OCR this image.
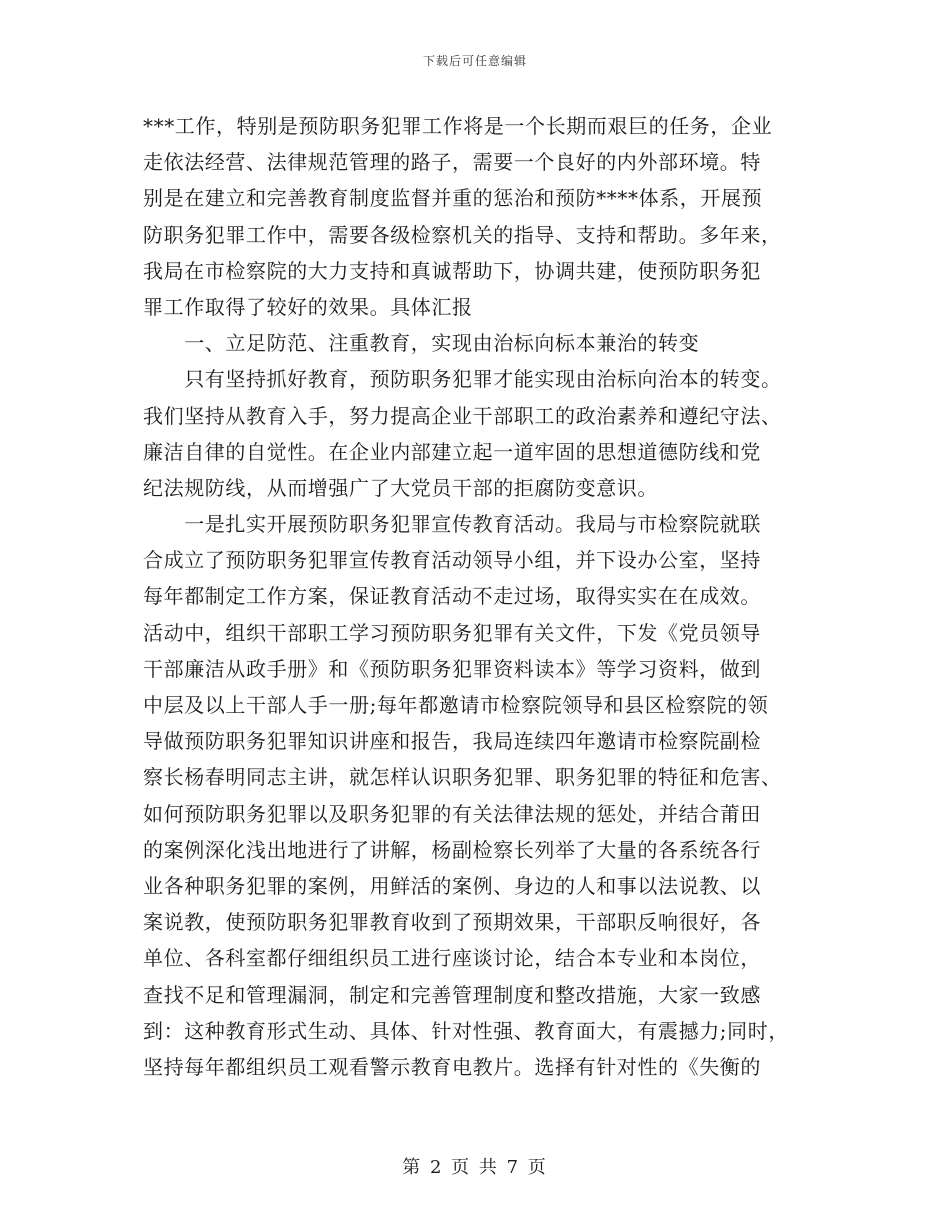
下载后可任意编辑
***工作，特别是预防职务犯罪工作将是一个长期而艰巨的任务，企业
走依法经营、法律规范管理的路子，需要一个良好的内外部环境。特
别是在建立和完善教育制度监督并重的惩治和预防****体系，开展预
防职务犯罪工作中，需要各级检察机关的指导、支持和帮助。多年来，
我局在市检察院的大力支持和真诚帮助下，协调共建，使预防职务犯
罪工作取得了较好的效果。具体汇报
　　一、立足防范、注重教育，实现由治标向标本兼治的转变
　　只有坚持抓好教育，预防职务犯罪才能实现由治标向治本的转变。
我们坚持从教育入手，努力提高企业干部职工的政治素养和遵纪守法、
廉洁自律的自觉性。在企业内部建立起一道牢固的思想道德防线和党
纪法规防线，从而增强广了大党员干部的拒腐防变意识。
　　一是扎实开展预防职务犯罪宣传教育活动。我局与市检察院就联
合成立了预防职务犯罪宣传教育活动领导小组，并下设办公室，坚持
每年都制定工作方案，保证教育活动不走过场，取得实实在在成效。
活动中，组织干部职工学习预防职务犯罪有关文件，下发《党员领导
干部廉洁从政手册》和《预防职务犯罪资料读本》等学习资料，做到
中层及以上干部人手一册;每年都邀请市检察院领导和县区检察院的领
导做预防职务犯罪知识讲座和报告，我局连续四年邀请市检察院副检
察长杨春明同志主讲，就怎样认识职务犯罪、职务犯罪的特征和危害、
如何预防职务犯罪以及职务犯罪的有关法律法规的惩处，并结合莆田
的案例深化浅出地进行了讲解，杨副检察长列举了大量的各系统各行
业各种职务犯罪的案例，用鲜活的案例、身边的人和事以法说教、以
案说教，使预防职务犯罪教育收到了预期效果，干部职反响很好，各
单位、各科室都仔细组织员工进行座谈讨论，结合本专业和本岗位，
查找不足和管理漏洞，制定和完善管理制度和整改措施，大家一致感
到：这种教育形式生动、具体、针对性强、教育面大，有震撼力;同时，
坚持每年都组织员工观看警示教育电教片。选择有针对性的《失衡的
第 2 页 共 7 页
